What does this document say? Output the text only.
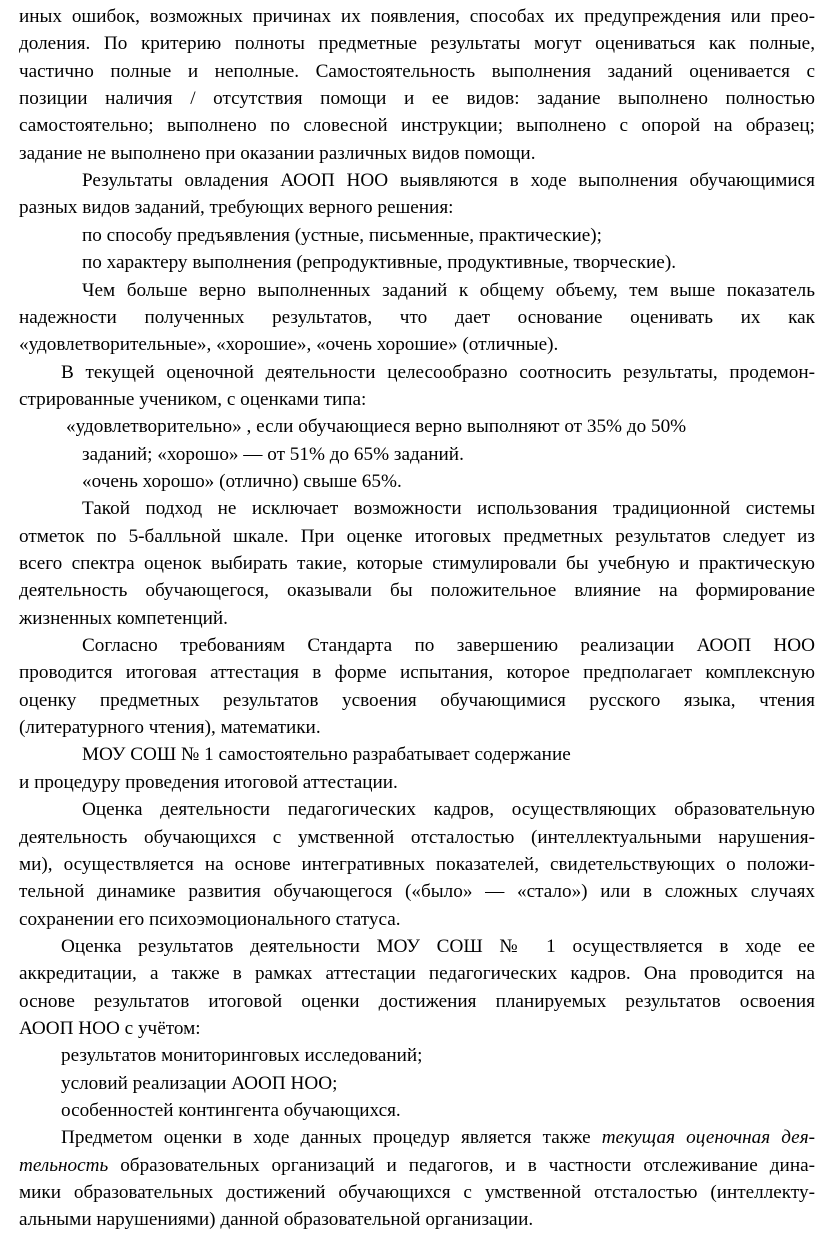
иных ошибок, возможных причинах их появления, способах их предупреждения или прео-
доления. По критерию полноты предметные результаты могут оцениваться как полные,
частично полные и неполные. Самостоятельность выполнения заданий оценивается с
позиции наличия / отсутствия помощи и ее видов: задание выполнено полностью
самостоятельно; выполнено по словесной инструкции; выполнено с опорой на образец;
задание не выполнено при оказании различных видов помощи.
Результаты овладения АООП НОО выявляются в ходе выполнения обучающимися
разных видов заданий, требующих верного решения:
по способу предъявления (устные, письменные, практические);
по характеру выполнения (репродуктивные, продуктивные, творческие).
Чем больше верно выполненных заданий к общему объему, тем выше показатель
надежности полученных результатов, что дает основание оценивать их как
«удовлетворительные», «хорошие», «очень хорошие» (отличные).
В текущей оценочной деятельности целесообразно соотносить результаты, продемон-
стрированные учеником, с оценками типа:
«удовлетворительно» , если обучающиеся верно выполняют от 35% до 50%
заданий; «хорошо» — от 51% до 65% заданий.
«очень хорошо» (отлично) свыше 65%.
Такой подход не исключает возможности использования традиционной системы
отметок по 5-балльной шкале. При оценке итоговых предметных результатов следует из
всего спектра оценок выбирать такие, которые стимулировали бы учебную и практическую
деятельность обучающегося, оказывали бы положительное влияние на формирование
жизненных компетенций.
Согласно требованиям Стандарта по завершению реализации АООП НОО
проводится итоговая аттестация в форме испытания, которое предполагает комплексную
оценку предметных результатов усвоения обучающимися русского языка, чтения
(литературного чтения), математики.
МОУ СОШ № 1 самостоятельно разрабатывает содержание
и процедуру проведения итоговой аттестации.
Оценка деятельности педагогических кадров, осуществляющих образовательную
деятельность обучающихся с умственной отсталостью (интеллектуальными нарушения-
ми), осуществляется на основе интегративных показателей, свидетельствующих о положи-
тельной динамике развития обучающегося («было» — «стало») или в сложных случаях
сохранении его психоэмоционального статуса.
Оценка результатов деятельности МОУ СОШ № 1 осуществляется в ходе ее
аккредитации, а также в рамках аттестации педагогических кадров. Она проводится на
основе результатов итоговой оценки достижения планируемых результатов освоения
АООП НОО с учётом:
результатов мониторинговых исследований;
условий реализации АООП НОО;
особенностей контингента обучающихся.
Предметом оценки в ходе данных процедур является также текущая оценочная дея-
тельность образовательных организаций и педагогов, и в частности отслеживание дина-
мики образовательных достижений обучающихся с умственной отсталостью (интеллекту-
альными нарушениями) данной образовательной организации.
